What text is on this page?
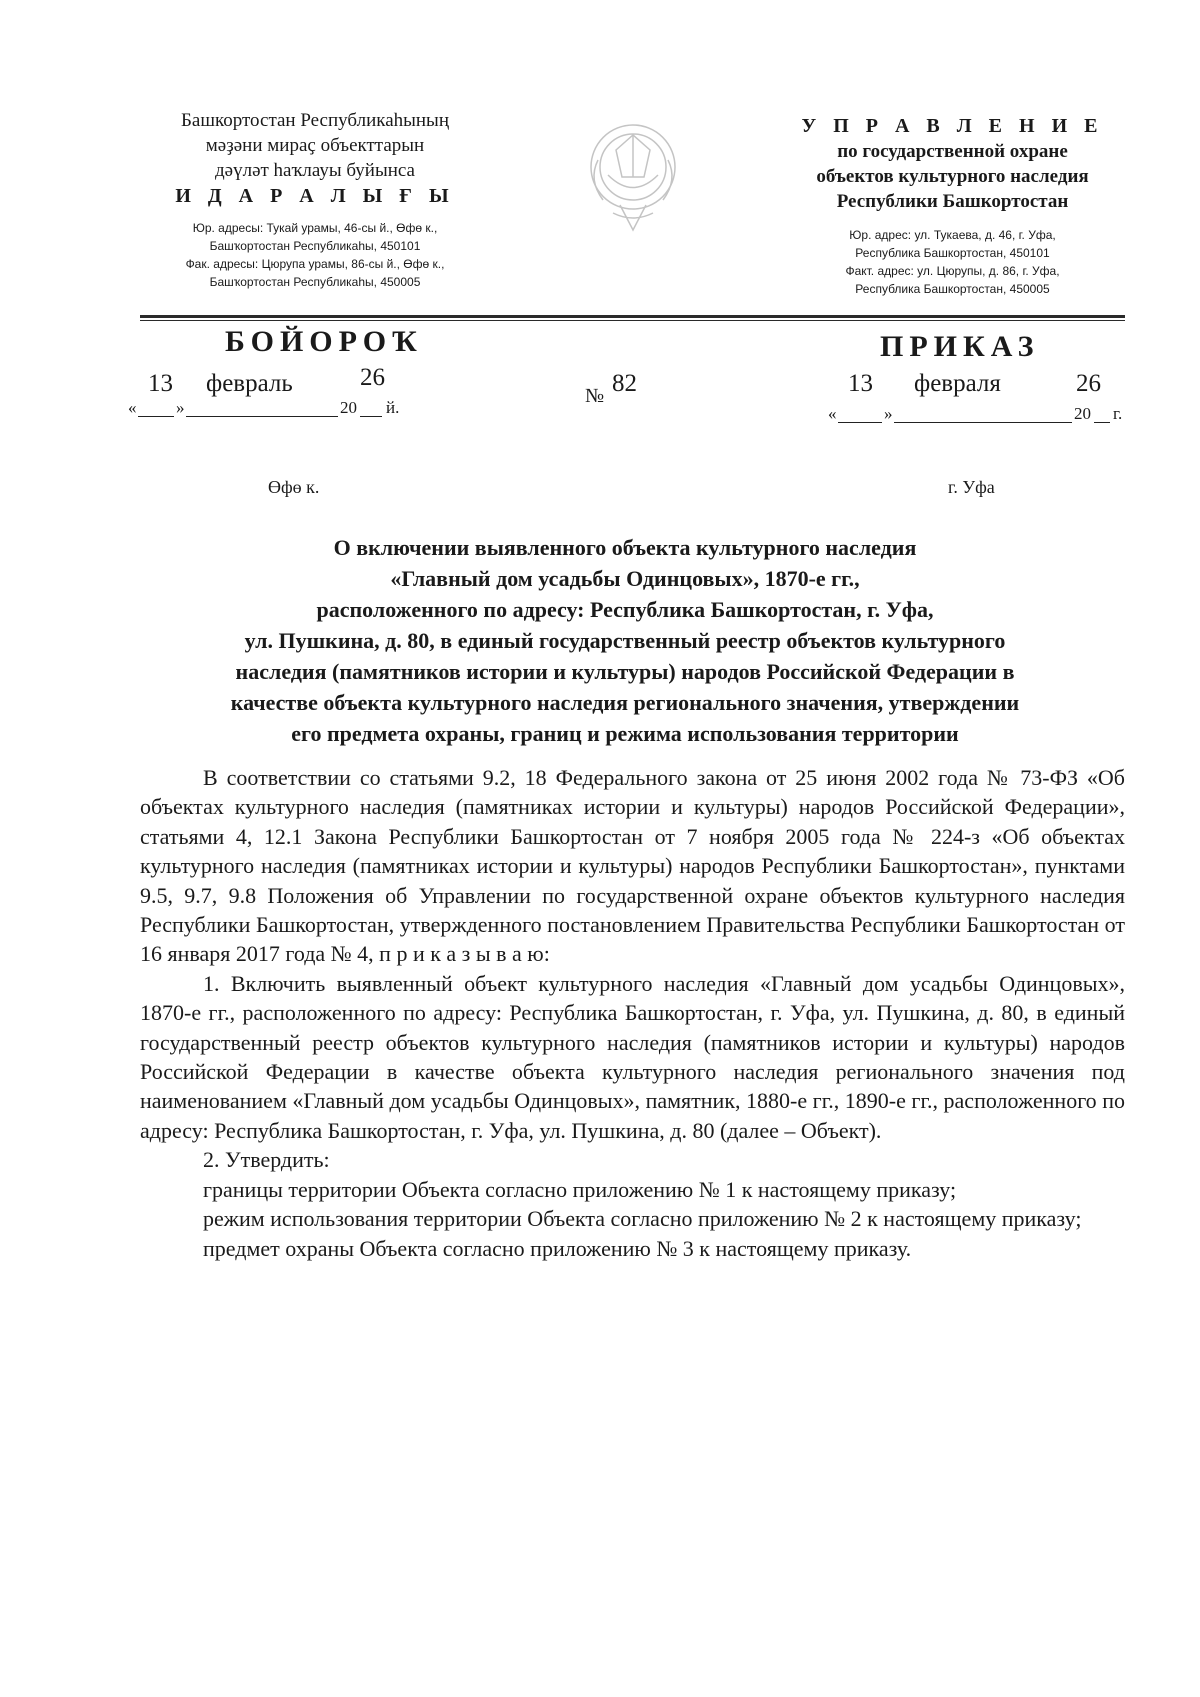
Башкортостан Республикаһының
мәҙәни мираҫ объекттарын
дәүләт һаҡлауы буйынса
И Д А Р А Л Ы Ғ Ы
Юр. адресы: Тукай урамы, 46-сы й., Өфө к.,
Башҡортостан Республикаһы, 450101
Фак. адресы: Цюрупа урамы, 86-сы й., Өфө к.,
Башҡортостан Республикаһы, 450005
У П Р А В Л Е Н И Е
по государственной охране
объектов культурного наследия
Республики Башкортостан
Юр. адрес: ул. Тукаева, д. 46, г. Уфа,
Республика Башкортостан, 450101
Факт. адрес: ул. Цюрупы, д. 86, г. Уфа,
Республика Башкортостан, 450005
БОЙОРОҠ	ПРИКАЗ
«
13
»
февраль
20
26
й.
№ 82
«
13
»
февраля
20
26
г.
Өфө к.	г. Уфа
О включении выявленного объекта культурного наследия
«Главный дом усадьбы Одинцовых», 1870-е гг.,
расположенного по адресу: Республика Башкортостан, г. Уфа,
ул. Пушкина, д. 80, в единый государственный реестр объектов культурного
наследия (памятников истории и культуры) народов Российской Федерации в
качестве объекта культурного наследия регионального значения, утверждении
его предмета охраны, границ и режима использования территории

В соответствии со статьями 9.2, 18 Федерального закона от 25 июня 2002 года № 73-ФЗ «Об объектах культурного наследия (памятниках истории и культуры) народов Российской Федерации», статьями 4, 12.1 Закона Республики Башкортостан от 7 ноября 2005 года № 224-з «Об объектах культурного наследия (памятниках истории и культуры) народов Республики Башкортостан», пунктами 9.5, 9.7, 9.8 Положения об Управлении по государственной охране объектов культурного наследия Республики Башкортостан, утвержденного постановлением Правительства Республики Башкортостан от 16 января 2017 года № 4, п р и к а з ы в а ю:

1. Включить выявленный объект культурного наследия «Главный дом усадьбы Одинцовых», 1870-е гг., расположенного по адресу: Республика Башкортостан, г. Уфа, ул. Пушкина, д. 80, в единый государственный реестр объектов культурного наследия (памятников истории и культуры) народов Российской Федерации в качестве объекта культурного наследия регионального значения под наименованием «Главный дом усадьбы Одинцовых», памятник, 1880-е гг., 1890-е гг., расположенного по адресу: Республика Башкортостан, г. Уфа, ул. Пушкина, д. 80 (далее – Объект).

2. Утвердить:

границы территории Объекта согласно приложению № 1 к настоящему приказу;

режим использования территории Объекта согласно приложению № 2 к настоящему приказу;

предмет охраны Объекта согласно приложению № 3 к настоящему приказу.
